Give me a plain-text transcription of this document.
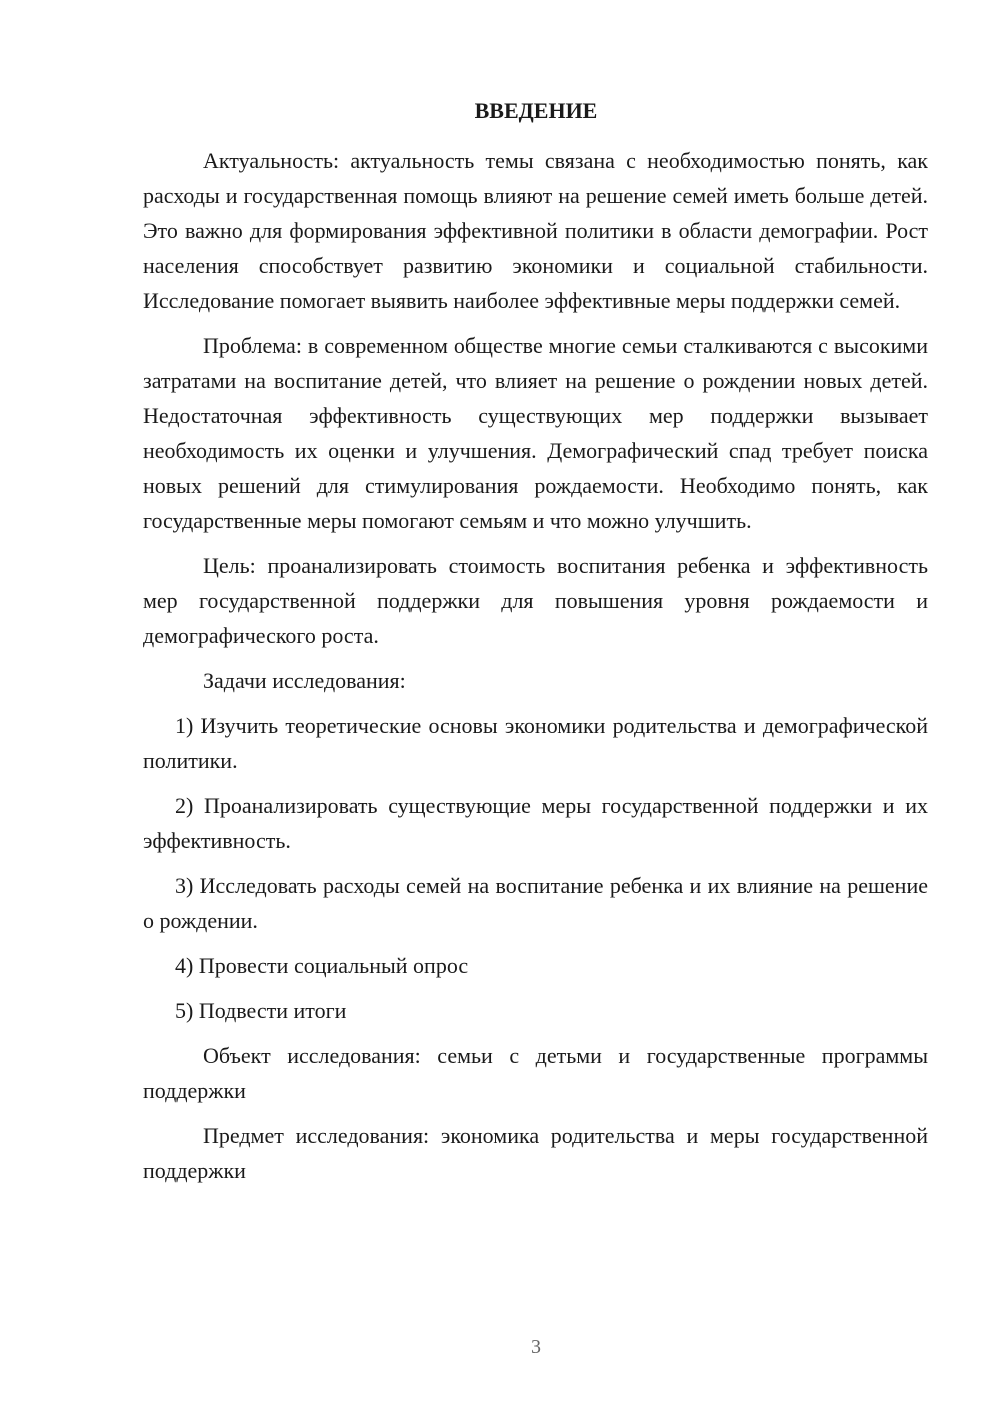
ВВЕДЕНИЕ

Актуальность: актуальность темы связана с необходимостью понять, как расходы и государственная помощь влияют на решение семей иметь больше детей. Это важно для формирования эффективной политики в области демографии. Рост населения способствует развитию экономики и социальной стабильности. Исследование помогает выявить наиболее эффективные меры поддержки семей.

Проблема: в современном обществе многие семьи сталкиваются с высокими затратами на воспитание детей, что влияет на решение о рождении новых детей. Недостаточная эффективность существующих мер поддержки вызывает необходимость их оценки и улучшения. Демографический спад требует поиска новых решений для стимулирования рождаемости. Необходимо понять, как государственные меры помогают семьям и что можно улучшить.

Цель: проанализировать стоимость воспитания ребенка и эффективность мер государственной поддержки для повышения уровня рождаемости и демографического роста.

Задачи исследования:

1) Изучить теоретические основы экономики родительства и демографической политики.

2) Проанализировать существующие меры государственной поддержки и их эффективность.

3) Исследовать расходы семей на воспитание ребенка и их влияние на решение о рождении.

4) Провести социальный опрос

5) Подвести итоги

Объект исследования: семьи с детьми и государственные программы поддержки

Предмет исследования: экономика родительства и меры государственной поддержки

3
